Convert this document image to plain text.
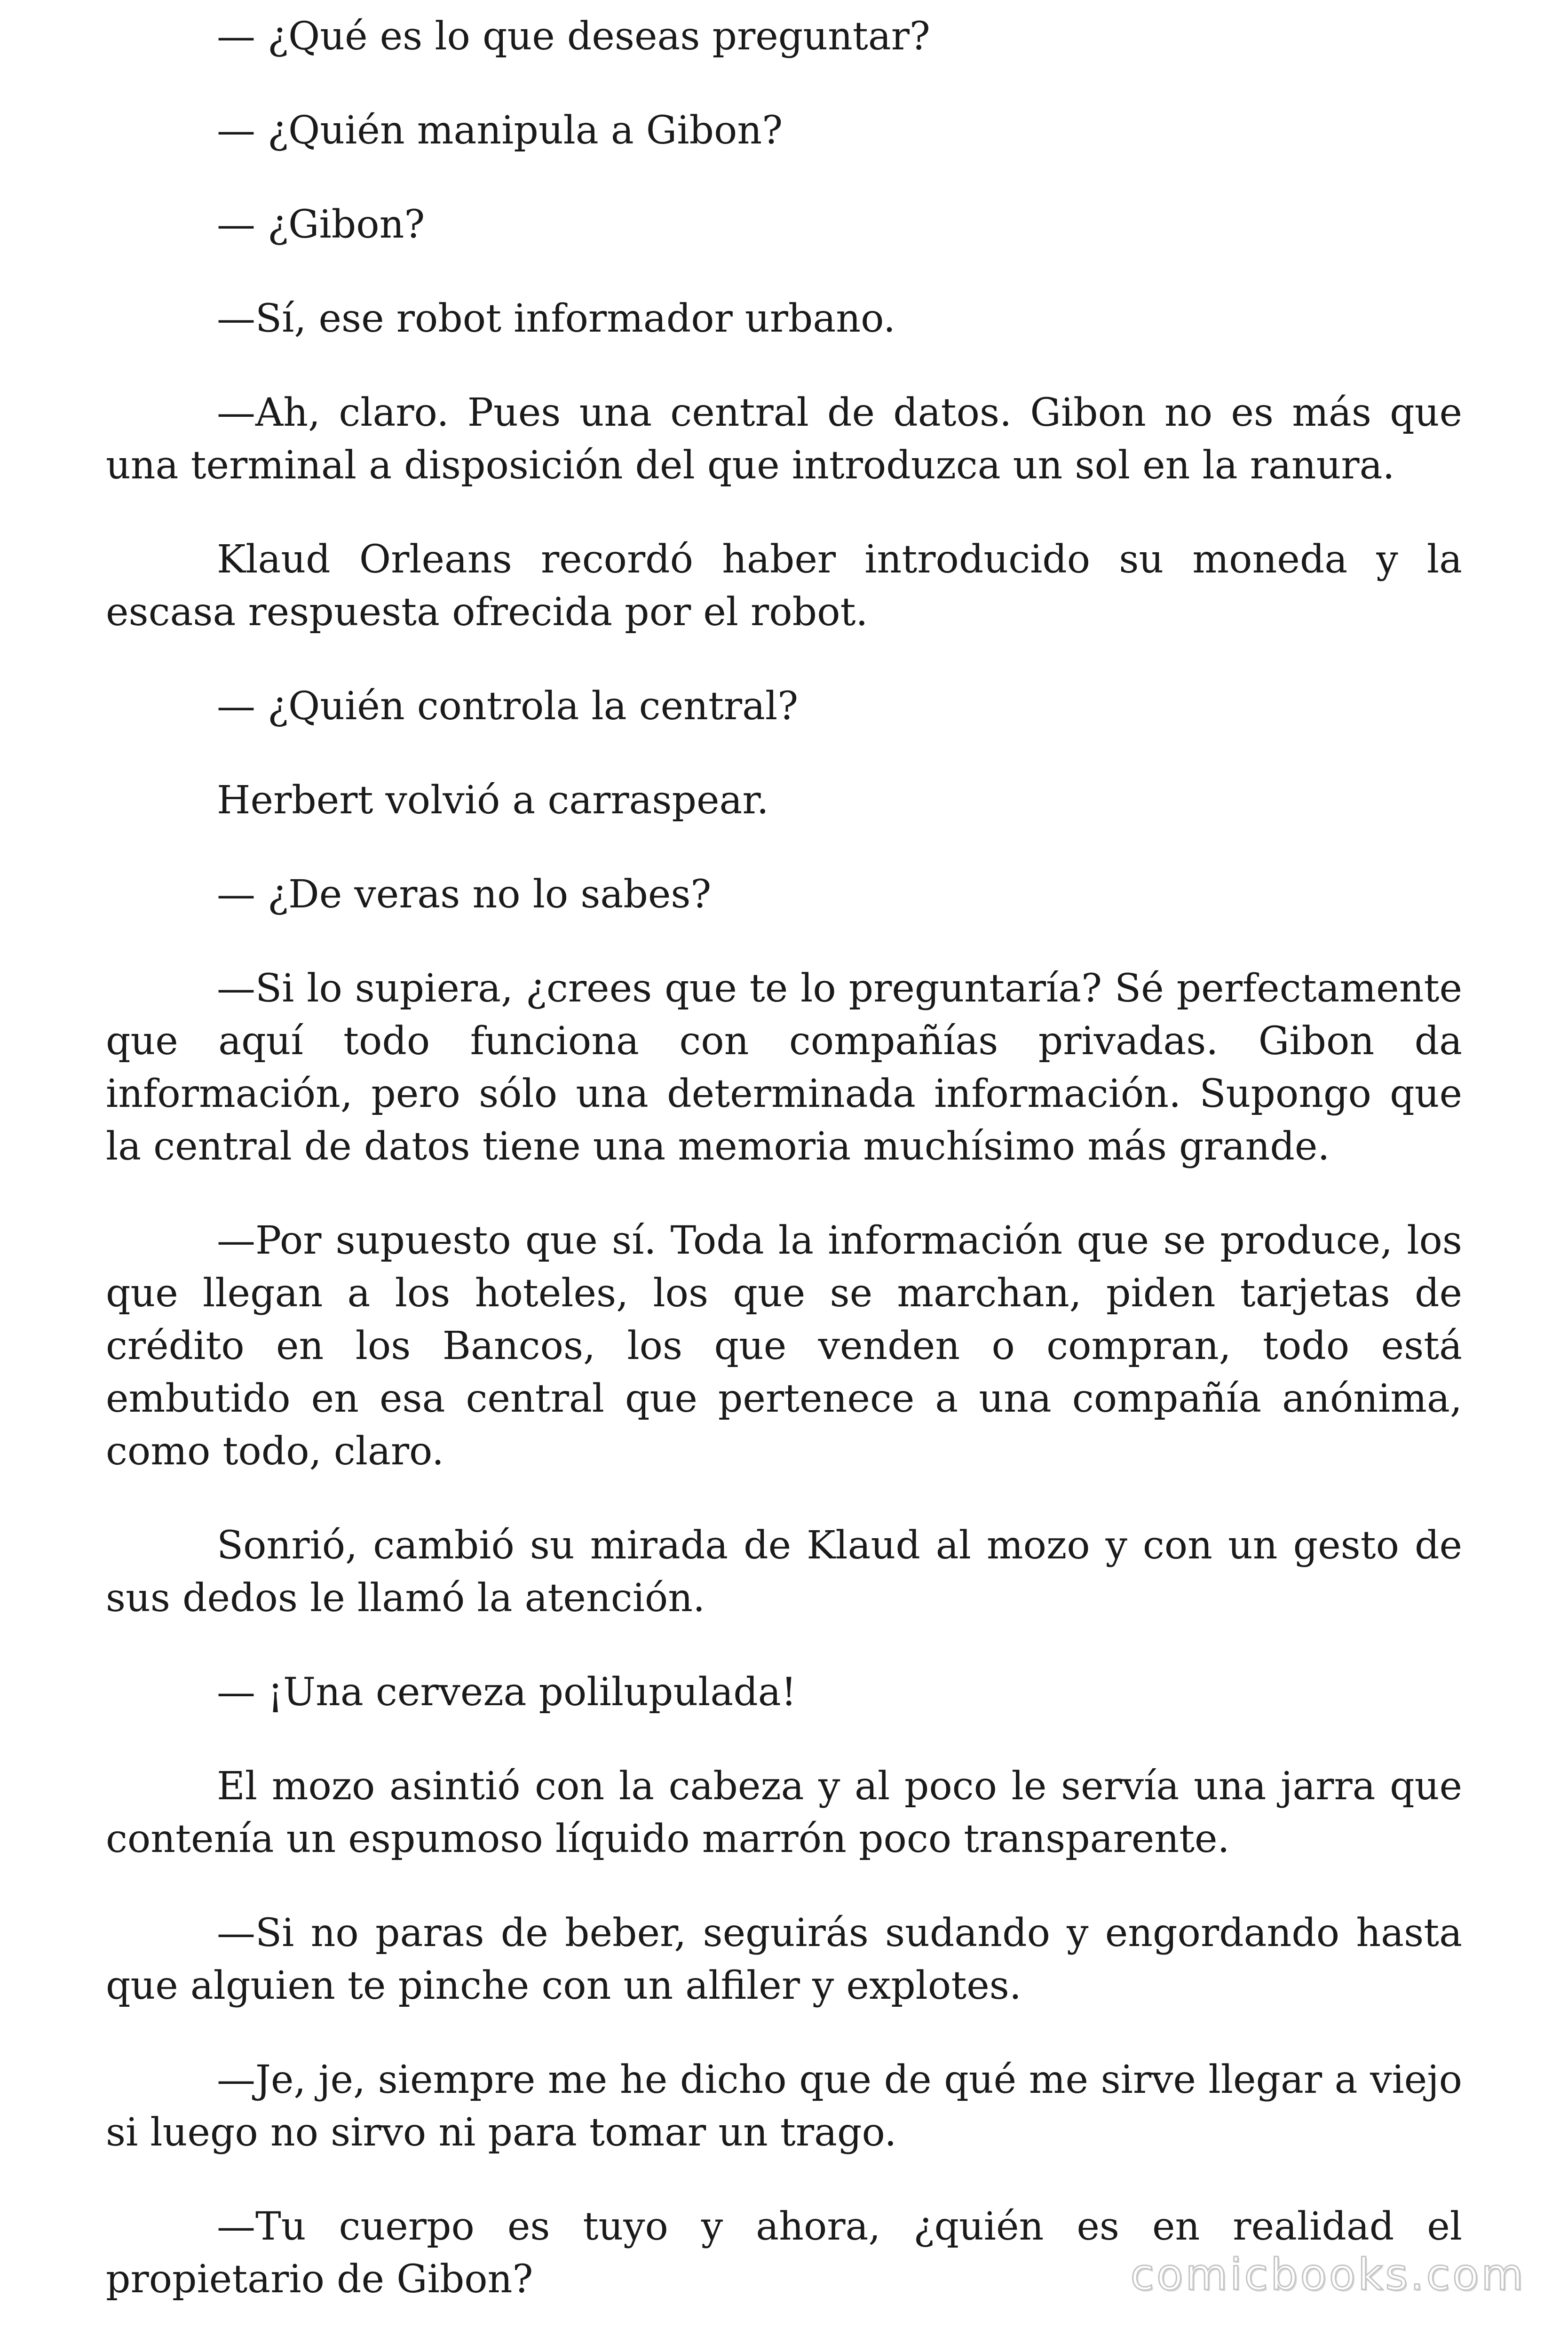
— ¿Qué es lo que deseas preguntar?

— ¿Quién manipula a Gibon?

— ¿Gibon?

—Sí, ese robot informador urbano.

—Ah, claro. Pues una central de datos. Gibon no es más que una terminal a disposición del que introduzca un sol en la ranura.

Klaud Orleans recordó haber introducido su moneda y la escasa respuesta ofrecida por el robot.

— ¿Quién controla la central?

Herbert volvió a carraspear.

— ¿De veras no lo sabes?

—Si lo supiera, ¿crees que te lo preguntaría? Sé perfectamente que aquí todo funciona con compañías privadas. Gibon da información, pero sólo una determinada información. Supongo que la central de datos tiene una memoria muchísimo más grande.

—Por supuesto que sí. Toda la información que se produce, los que llegan a los hoteles, los que se marchan, piden tarjetas de crédito en los Bancos, los que venden o compran, todo está embutido en esa central que pertenece a una compañía anónima, como todo, claro.

Sonrió, cambió su mirada de Klaud al mozo y con un gesto de sus dedos le llamó la atención.

— ¡Una cerveza polilupulada!

El mozo asintió con la cabeza y al poco le servía una jarra que contenía un espumoso líquido marrón poco transparente.

—Si no paras de beber, seguirás sudando y engordando hasta que alguien te pinche con un alfiler y explotes.

—Je, je, siempre me he dicho que de qué me sirve llegar a viejo si luego no sirvo ni para tomar un trago.

—Tu cuerpo es tuyo y ahora, ¿quién es en realidad el propietario de Gibon?	comicbooks.com
